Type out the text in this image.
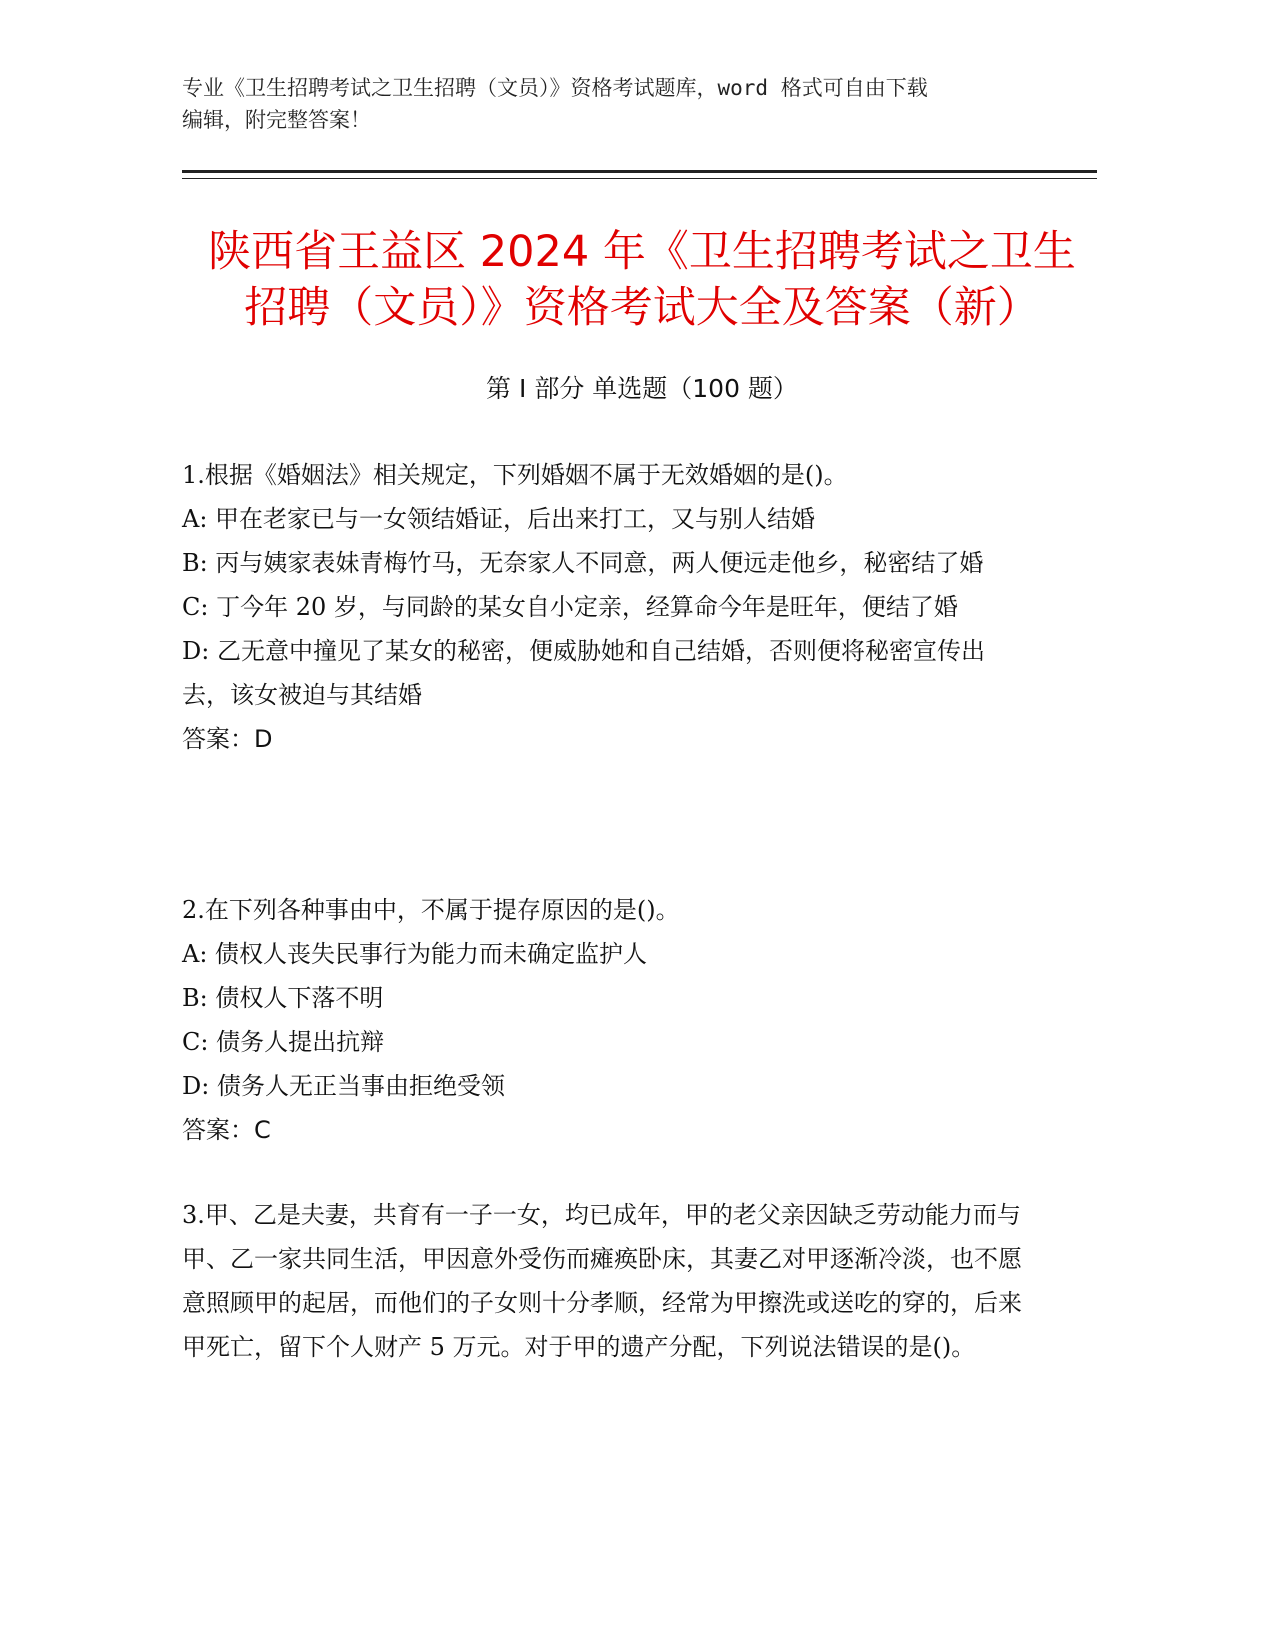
专业《卫生招聘考试之卫生招聘（文员）》资格考试题库，word 格式可自由下载
编辑，附完整答案！
陕西省王益区 2024 年《卫生招聘考试之卫生
招聘（文员）》资格考试大全及答案（新）
第 I 部分 单选题（100 题）

1.根据《婚姻法》相关规定，下列婚姻不属于无效婚姻的是()。

A: 甲在老家已与一女领结婚证，后出来打工，又与别人结婚

B: 丙与姨家表妹青梅竹马，无奈家人不同意，两人便远走他乡，秘密结了婚

C: 丁今年 20 岁，与同龄的某女自小定亲，经算命今年是旺年，便结了婚

D: 乙无意中撞见了某女的秘密，便威胁她和自己结婚，否则便将秘密宣传出去，该女被迫与其结婚

答案：D

2.在下列各种事由中，不属于提存原因的是()。

A: 债权人丧失民事行为能力而未确定监护人

B: 债权人下落不明

C: 债务人提出抗辩

D: 债务人无正当事由拒绝受领

答案：C

3.甲、乙是夫妻，共育有一子一女，均已成年，甲的老父亲因缺乏劳动能力而与甲、乙一家共同生活，甲因意外受伤而瘫痪卧床，其妻乙对甲逐渐冷淡，也不愿意照顾甲的起居，而他们的子女则十分孝顺，经常为甲擦洗或送吃的穿的，后来甲死亡，留下个人财产 5 万元。对于甲的遗产分配，下列说法错误的是()。
